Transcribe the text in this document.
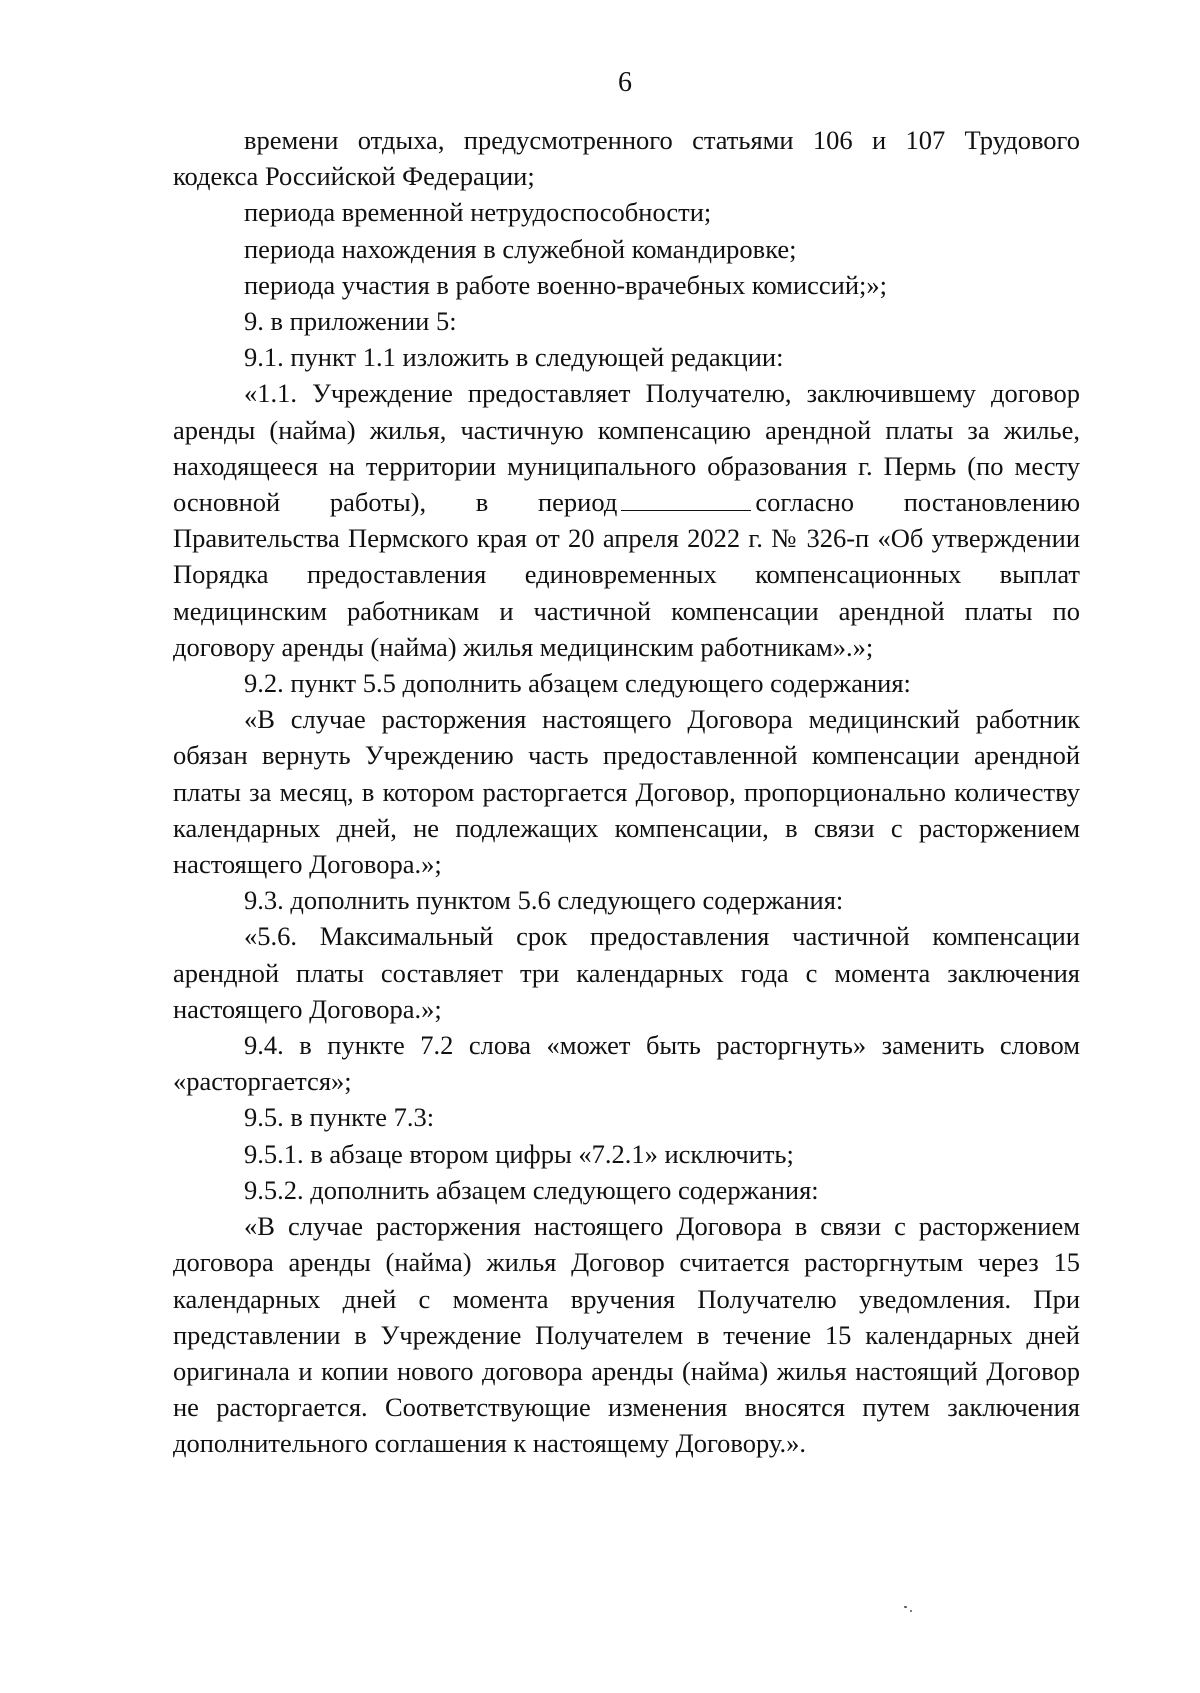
6

времени отдыха, предусмотренного статьями 106 и 107 Трудового кодекса Российской Федерации;

периода временной нетрудоспособности;

периода нахождения в служебной командировке;

периода участия в работе военно-врачебных комиссий;»;

9. в приложении 5:

9.1. пункт 1.1 изложить в следующей редакции:

«1.1. Учреждение предоставляет Получателю, заключившему договор аренды (найма) жилья, частичную компенсацию арендной платы за жилье, находящееся на территории муниципального образования г. Пермь (по месту основной работы), в период	согласно постановлению Правительства Пермского края от 20 апреля 2022 г. № 326-п «Об утверждении Порядка предоставления единовременных компенсационных выплат медицинским работникам и частичной компенсации арендной платы по договору аренды (найма) жилья медицинским работникам».»;

9.2. пункт 5.5 дополнить абзацем следующего содержания:

«В случае расторжения настоящего Договора медицинский работник обязан вернуть Учреждению часть предоставленной компенсации арендной платы за месяц, в котором расторгается Договор, пропорционально количеству календарных дней, не подлежащих компенсации, в связи с расторжением настоящего Договора.»;

9.3. дополнить пунктом 5.6 следующего содержания:

«5.6. Максимальный срок предоставления частичной компенсации арендной платы составляет три календарных года с момента заключения настоящего Договора.»;

9.4. в пункте 7.2 слова «может быть расторгнуть» заменить словом «расторгается»;

9.5. в пункте 7.3:

9.5.1. в абзаце втором цифры «7.2.1» исключить;

9.5.2. дополнить абзацем следующего содержания:

«В случае расторжения настоящего Договора в связи с расторжением договора аренды (найма) жилья Договор считается расторгнутым через 15 календарных дней с момента вручения Получателю уведомления. При представлении в Учреждение Получателем в течение 15 календарных дней оригинала и копии нового договора аренды (найма) жилья настоящий Договор не расторгается. Соответствующие изменения вносятся путем заключения дополнительного соглашения к настоящему Договору.».
